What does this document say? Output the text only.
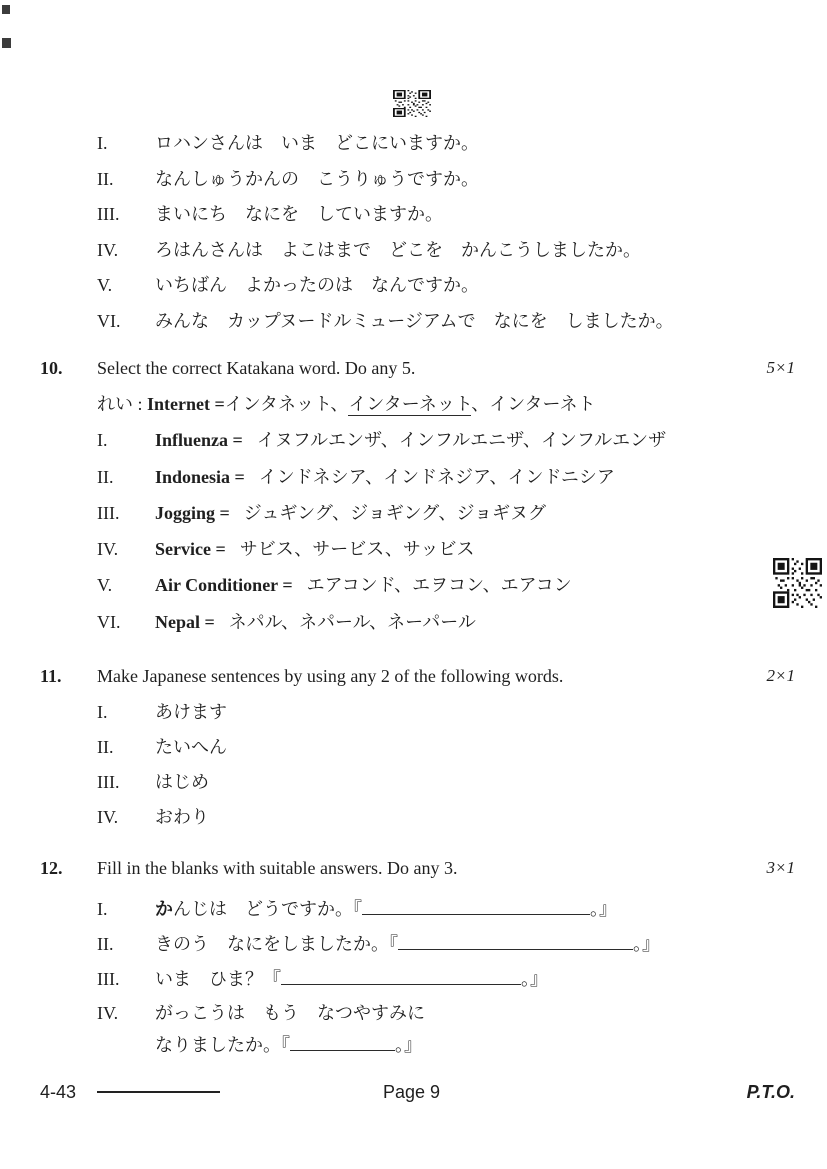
I.	ロハンさんは　いま　どこにいますか。
II. なんしゅうかんの　こうりゅうですか。
III. まいにち　なにを　していますか。
IV. ろはんさんは　よこはまで　どこを　かんこうしましたか。
V. いちばん　よかったのは　なんですか。
VI. みんな　カップヌードルミュージアムで　なにを　しましたか。
10. Select the correct Katakana word. Do any 5.	5×1
れい : Internet =インタネット、インターネット、インターネト
I.	Influenza = イヌフルエンザ、インフルエニザ、インフルエンザ
II. Indonesia = インドネシア、インドネジア、インドニシア
III. Jogging = ジュギング、ジョギング、ジョギヌグ
IV. Service = サビス、サービス、サッビス
V. Air Conditioner = エアコンド、エヲコン、エアコン
VI. Nepal = ネパル、ネパール、ネーパール
11. Make Japanese sentences by using any 2 of the following words.	2×1
I.	あけます
II. たいへん
III. はじめ
IV. おわり
12. Fill in the blanks with suitable answers. Do any 3.	3×1
I.	かんじは　どうですか。『	。』
II. きのう　なにをしましたか。『	。』
III. いま　ひま？『	。』
IV. がっこうは　もう　なつやすみに
なりましたか。『	。』
4-43	Page 9	P.T.O.
